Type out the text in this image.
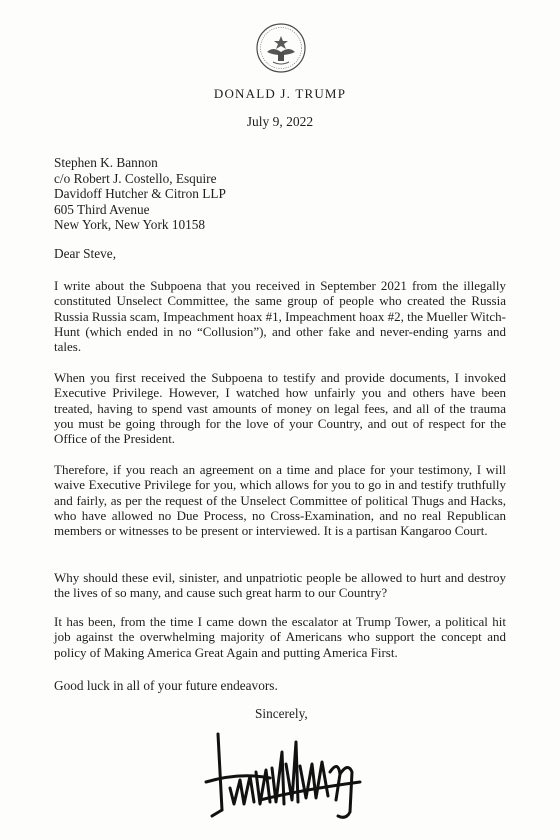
DONALD J. TRUMP
July 9, 2022
Stephen K. Bannon
c/o Robert J. Costello, Esquire
Davidoff Hutcher & Citron LLP
605 Third Avenue
New York, New York 10158
Dear Steve,
I write about the Subpoena that you received in September 2021 from the illegally constituted Unselect Committee, the same group of people who created the Russia Russia Russia scam, Impeachment hoax #1, Impeachment hoax #2, the Mueller Witch-Hunt (which ended in no “Collusion”), and other fake and never-ending yarns and tales.
When you first received the Subpoena to testify and provide documents, I invoked Executive Privilege. However, I watched how unfairly you and others have been treated, having to spend vast amounts of money on legal fees, and all of the trauma you must be going through for the love of your Country, and out of respect for the Office of the President.
Therefore, if you reach an agreement on a time and place for your testimony, I will waive Executive Privilege for you, which allows for you to go in and testify truthfully and fairly, as per the request of the Unselect Committee of political Thugs and Hacks, who have allowed no Due Process, no Cross-Examination, and no real Republican members or witnesses to be present or interviewed. It is a partisan Kangaroo Court.
Why should these evil, sinister, and unpatriotic people be allowed to hurt and destroy the lives of so many, and cause such great harm to our Country?
It has been, from the time I came down the escalator at Trump Tower, a political hit job against the overwhelming majority of Americans who support the concept and policy of Making America Great Again and putting America First.
Good luck in all of your future endeavors.
Sincerely,
